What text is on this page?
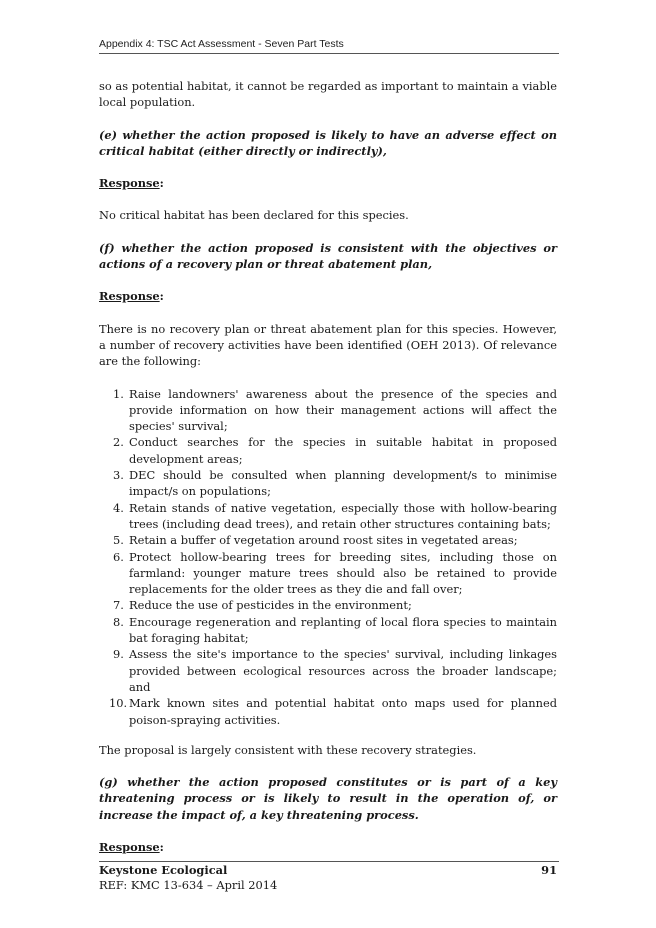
Appendix 4: TSC Act Assessment - Seven Part Tests

so as potential habitat, it cannot be regarded as important to maintain a viable local population.

(e) whether the action proposed is likely to have an adverse effect on critical habitat (either directly or indirectly),

Response:

No critical habitat has been declared for this species.

(f) whether the action proposed is consistent with the objectives or actions of a recovery plan or threat abatement plan,

Response:

There is no recovery plan or threat abatement plan for this species. However, a number of recovery activities have been identified (OEH 2013). Of relevance are the following:

1. Raise landowners' awareness about the presence of the species and provide information on how their management actions will affect the species' survival;
2. Conduct searches for the species in suitable habitat in proposed development areas;
3. DEC should be consulted when planning development/s to minimise impact/s on populations;
4. Retain stands of native vegetation, especially those with hollow-bearing trees (including dead trees), and retain other structures containing bats;
5. Retain a buffer of vegetation around roost sites in vegetated areas;
6. Protect hollow-bearing trees for breeding sites, including those on farmland: younger mature trees should also be retained to provide replacements for the older trees as they die and fall over;
7. Reduce the use of pesticides in the environment;
8. Encourage regeneration and replanting of local flora species to maintain bat foraging habitat;
9. Assess the site's importance to the species' survival, including linkages provided between ecological resources across the broader landscape; and
10. Mark known sites and potential habitat onto maps used for planned poison-spraying activities.

The proposal is largely consistent with these recovery strategies.

(g) whether the action proposed constitutes or is part of a key threatening process or is likely to result in the operation of, or increase the impact of, a key threatening process.

Response:

Keystone Ecological
REF: KMC 13-634 – April 2014
91
